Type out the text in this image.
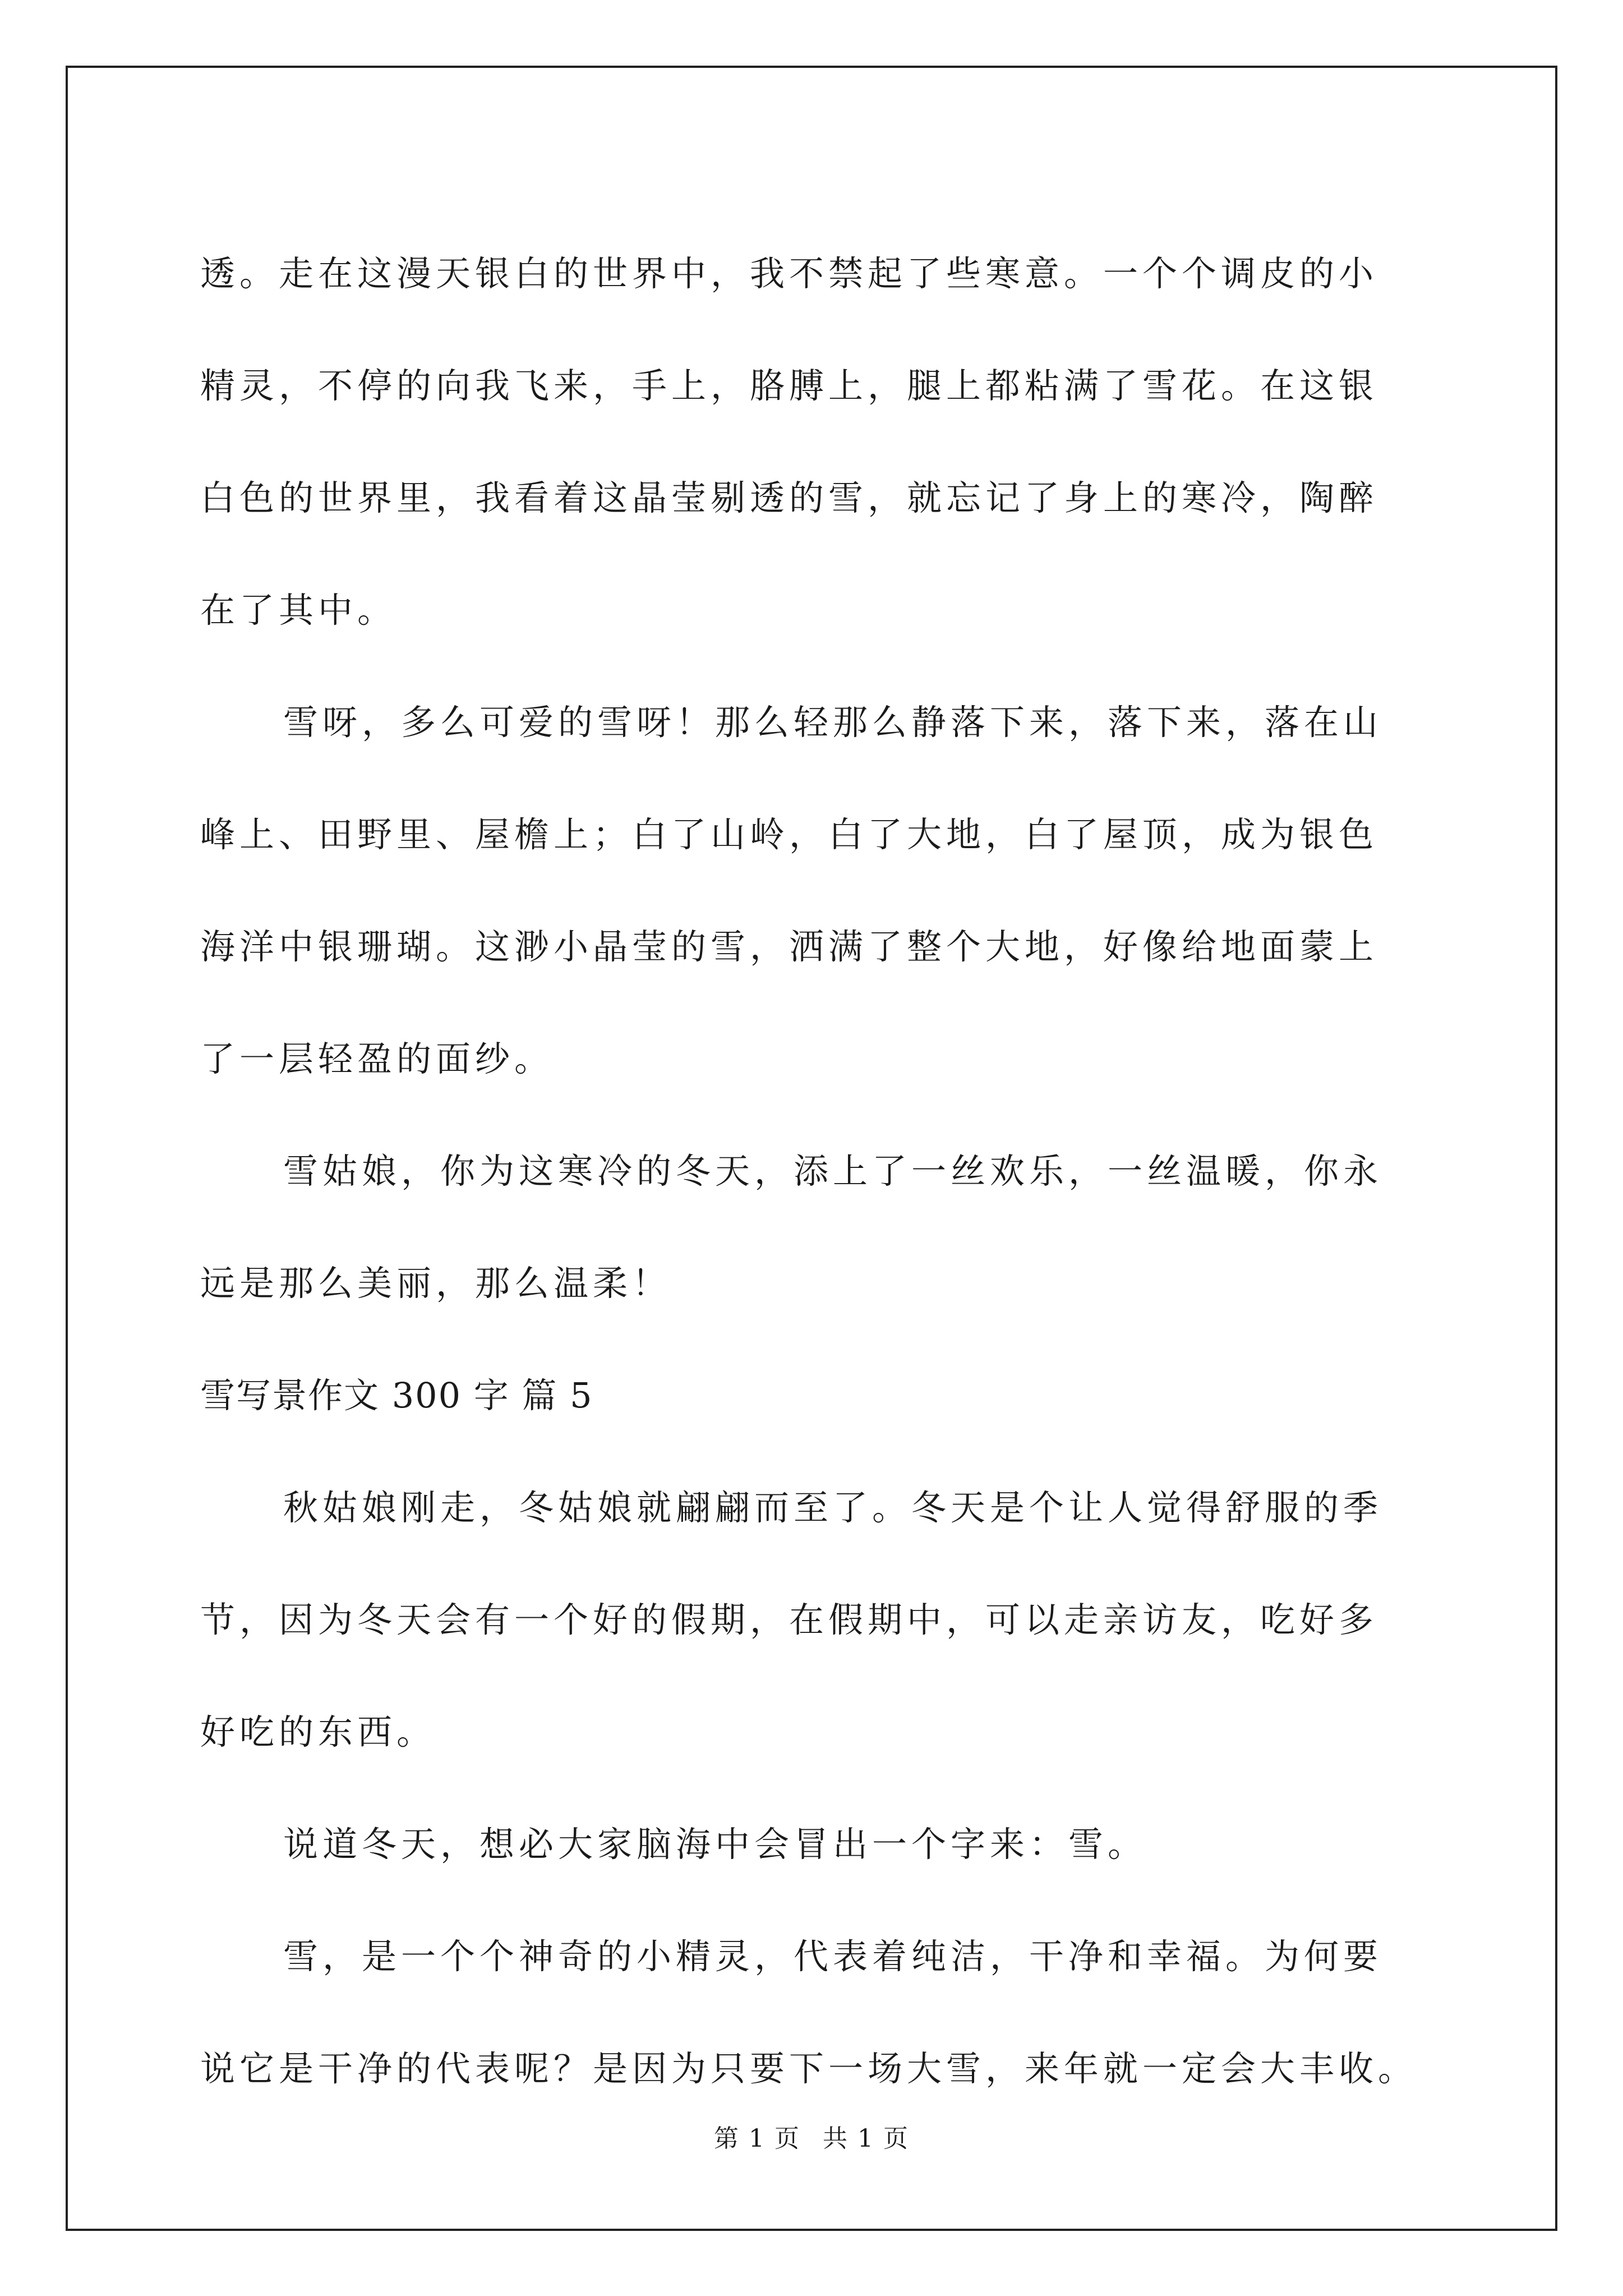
透。走在这漫天银白的世界中，我不禁起了些寒意。一个个调皮的小
精灵，不停的向我飞来，手上，胳膊上，腿上都粘满了雪花。在这银
白色的世界里，我看着这晶莹剔透的雪，就忘记了身上的寒冷，陶醉
在了其中。
雪呀，多么可爱的雪呀！那么轻那么静落下来，落下来，落在山
峰上、田野里、屋檐上；白了山岭，白了大地，白了屋顶，成为银色
海洋中银珊瑚。这渺小晶莹的雪，洒满了整个大地，好像给地面蒙上
了一层轻盈的面纱。
雪姑娘，你为这寒冷的冬天，添上了一丝欢乐，一丝温暖，你永
远是那么美丽，那么温柔！
雪写景作文 300 字 篇 5
秋姑娘刚走，冬姑娘就翩翩而至了。冬天是个让人觉得舒服的季
节，因为冬天会有一个好的假期，在假期中，可以走亲访友，吃好多
好吃的东西。
说道冬天，想必大家脑海中会冒出一个字来：雪。
雪，是一个个神奇的小精灵，代表着纯洁，干净和幸福。为何要
说它是干净的代表呢？是因为只要下一场大雪，来年就一定会大丰收。
第 1 页 共 1 页
